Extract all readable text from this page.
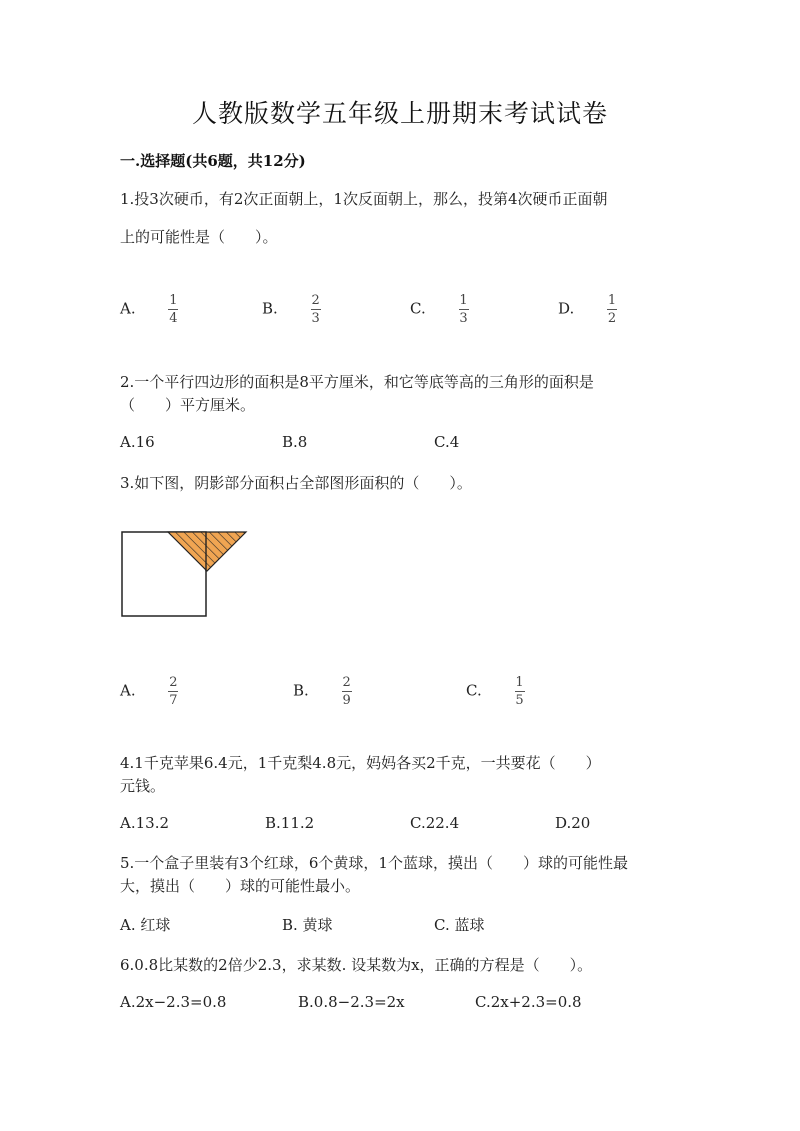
人教版数学五年级上册期末考试试卷
一.选择题(共6题，共12分)
1.投3次硬币，有2次正面朝上，1次反面朝上，那么，投第4次硬币正面朝
上的可能性是（　　）。
A.	$\frac{1}{4}$	B.	$\frac{2}{3}$	C.	$\frac{1}{3}$	D.	$\frac{1}{2}$
2.一个平行四边形的面积是8平方厘米，和它等底等高的三角形的面积是
（　　）平方厘米。
A.16	B.8	C.4
3.如下图，阴影部分面积占全部图形面积的（　　）。
A.	$\frac{2}{7}$	B.	$\frac{2}{9}$	C.	$\frac{1}{5}$
4.1千克苹果6.4元，1千克梨4.8元，妈妈各买2千克，一共要花（　　）
元钱。
A.13.2	B.11.2	C.22.4	D.20
5.一个盒子里装有3个红球，6个黄球，1个蓝球，摸出（　　）球的可能性最
大，摸出（　　）球的可能性最小。
A. 红球	B. 黄球	C. 蓝球
6.0.8比某数的2倍少2.3，求某数. 设某数为x，正确的方程是（　　）。
A.2x−2.3=0.8	B.0.8−2.3=2x	C.2x+2.3=0.8
